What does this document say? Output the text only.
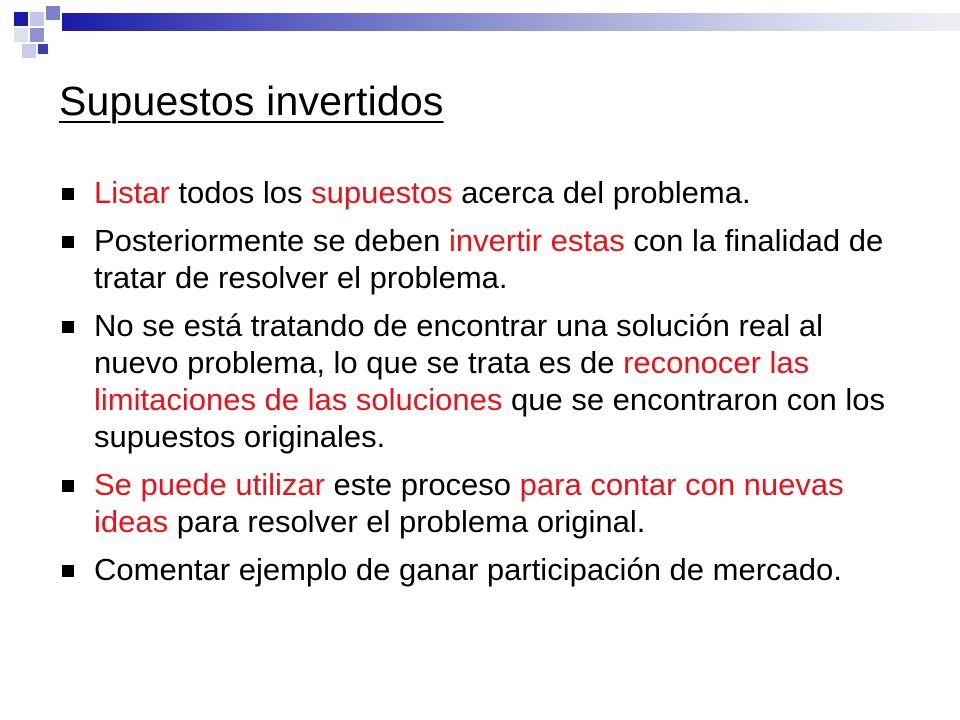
Supuestos invertidos
Listar todos los supuestos acerca del problema.
Posteriormente se deben invertir estas con la finalidad de tratar de resolver el problema.
No se está tratando de encontrar una solución real al nuevo problema, lo que se trata es de reconocer las limitaciones de las soluciones que se encontraron con los supuestos originales.
Se puede utilizar este proceso para contar con nuevas ideas para resolver el problema original.
Comentar ejemplo de ganar participación de mercado.
